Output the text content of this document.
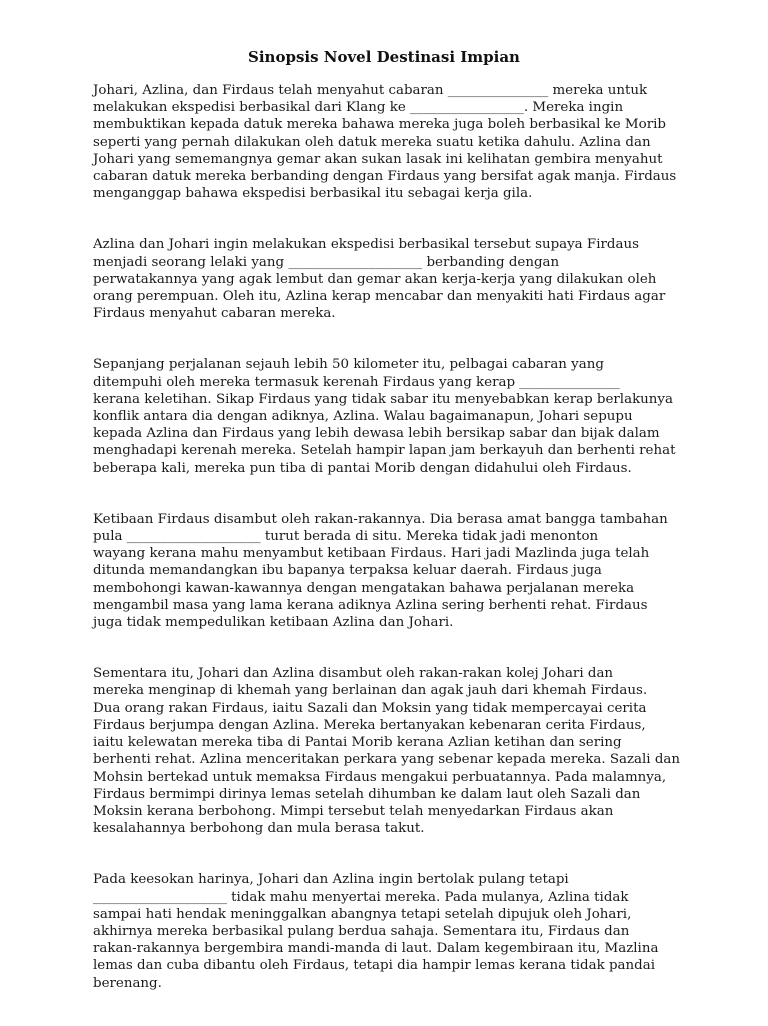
Sinopsis Novel Destinasi Impian

Johari, Azlina, dan Firdaus telah menyahut cabaran _______________ mereka untuk
melakukan ekspedisi berbasikal dari Klang ke _________________. Mereka ingin
membuktikan kepada datuk mereka bahawa mereka juga boleh berbasikal ke Morib
seperti yang pernah dilakukan oleh datuk mereka suatu ketika dahulu. Azlina dan
Johari yang sememangnya gemar akan sukan lasak ini kelihatan gembira menyahut
cabaran datuk mereka berbanding dengan Firdaus yang bersifat agak manja. Firdaus
menganggap bahawa ekspedisi berbasikal itu sebagai kerja gila.

Azlina dan Johari ingin melakukan ekspedisi berbasikal tersebut supaya Firdaus
menjadi seorang lelaki yang ____________________ berbanding dengan
perwatakannya yang agak lembut dan gemar akan kerja-kerja yang dilakukan oleh
orang perempuan. Oleh itu, Azlina kerap mencabar dan menyakiti hati Firdaus agar
Firdaus menyahut cabaran mereka.

Sepanjang perjalanan sejauh lebih 50 kilometer itu, pelbagai cabaran yang
ditempuhi oleh mereka termasuk kerenah Firdaus yang kerap _______________
kerana keletihan. Sikap Firdaus yang tidak sabar itu menyebabkan kerap berlakunya
konflik antara dia dengan adiknya, Azlina. Walau bagaimanapun, Johari sepupu
kepada Azlina dan Firdaus yang lebih dewasa lebih bersikap sabar dan bijak dalam
menghadapi kerenah mereka. Setelah hampir lapan jam berkayuh dan berhenti rehat
beberapa kali, mereka pun tiba di pantai Morib dengan didahului oleh Firdaus.

Ketibaan Firdaus disambut oleh rakan-rakannya. Dia berasa amat bangga tambahan
pula ____________________ turut berada di situ. Mereka tidak jadi menonton
wayang kerana mahu menyambut ketibaan Firdaus. Hari jadi Mazlinda juga telah
ditunda memandangkan ibu bapanya terpaksa keluar daerah. Firdaus juga
membohongi kawan-kawannya dengan mengatakan bahawa perjalanan mereka
mengambil masa yang lama kerana adiknya Azlina sering berhenti rehat. Firdaus
juga tidak mempedulikan ketibaan Azlina dan Johari.

Sementara itu, Johari dan Azlina disambut oleh rakan-rakan kolej Johari dan
mereka menginap di khemah yang berlainan dan agak jauh dari khemah Firdaus.
Dua orang rakan Firdaus, iaitu Sazali dan Moksin yang tidak mempercayai cerita
Firdaus berjumpa dengan Azlina. Mereka bertanyakan kebenaran cerita Firdaus,
iaitu kelewatan mereka tiba di Pantai Morib kerana Azlian ketihan dan sering
berhenti rehat. Azlina menceritakan perkara yang sebenar kepada mereka. Sazali dan
Mohsin bertekad untuk memaksa Firdaus mengakui perbuatannya. Pada malamnya,
Firdaus bermimpi dirinya lemas setelah dihumban ke dalam laut oleh Sazali dan
Moksin kerana berbohong. Mimpi tersebut telah menyedarkan Firdaus akan
kesalahannya berbohong dan mula berasa takut.

Pada keesokan harinya, Johari dan Azlina ingin bertolak pulang tetapi
____________________ tidak mahu menyertai mereka. Pada mulanya, Azlina tidak
sampai hati hendak meninggalkan abangnya tetapi setelah dipujuk oleh Johari,
akhirnya mereka berbasikal pulang berdua sahaja. Sementara itu, Firdaus dan
rakan-rakannya bergembira mandi-manda di laut. Dalam kegembiraan itu, Mazlina
lemas dan cuba dibantu oleh Firdaus, tetapi dia hampir lemas kerana tidak pandai
berenang.
